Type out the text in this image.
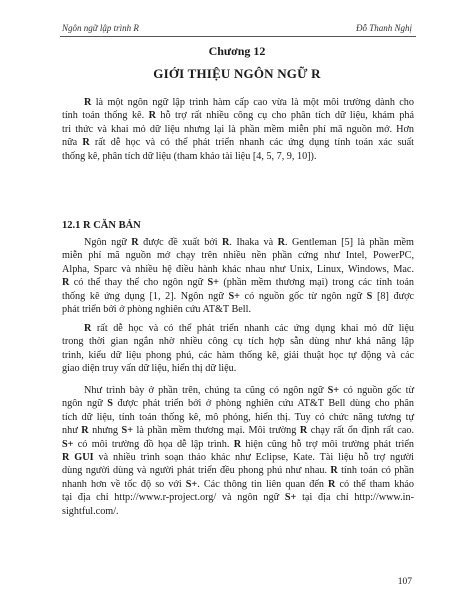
Ngôn ngữ lập trình R	Đỗ Thanh Nghị
Chương 12
GIỚI THIỆU NGÔN NGỮ R
R là một ngôn ngữ lập trình hàm cấp cao vừa là một môi trường dành cho
tính toán thống kê. R hỗ trợ rất nhiều công cụ cho phân tích dữ liệu, khám phá
tri thức và khai mỏ dữ liệu nhưng lại là phần mềm miễn phí mã nguồn mở. Hơn
nữa R rất dễ học và có thể phát triển nhanh các ứng dụng tính toán xác suất
thống kê, phân tích dữ liệu (tham khảo tài liệu [4, 5, 7, 9, 10]).
12.1 R CĂN BẢN
Ngôn ngữ R được đề xuất bởi R. Ihaka và R. Gentleman [5] là phần mềm
miễn phí mã nguồn mở chạy trên nhiều nền phần cứng như Intel, PowerPC,
Alpha, Sparc và nhiều hệ điều hành khác nhau như Unix, Linux, Windows, Mac.
R có thể thay thế cho ngôn ngữ S+ (phần mềm thương mại) trong các tính toán
thống kê ứng dụng [1, 2]. Ngôn ngữ S+ có nguồn gốc từ ngôn ngữ S [8] được
phát triển bởi ở phòng nghiên cứu AT&T Bell.
R rất dễ học và có thể phát triển nhanh các ứng dụng khai mỏ dữ liệu
trong thời gian ngắn nhờ nhiều công cụ tích hợp sẵn dùng như khả năng lập
trình, kiểu dữ liệu phong phú, các hàm thống kê, giải thuật học tự động và các
giao diện truy vấn dữ liệu, hiển thị dữ liệu.
Như trình bày ở phần trên, chúng ta cũng có ngôn ngữ S+ có nguồn gốc từ
ngôn ngữ S được phát triển bởi ở phòng nghiên cứu AT&T Bell dùng cho phân
tích dữ liệu, tính toán thống kê, mô phỏng, hiển thị. Tuy có chức năng tương tự
như R nhưng S+ là phần mềm thương mại. Môi trường R chạy rất ổn định rất cao.
S+ có môi trường đồ họa dễ lập trình. R hiện cũng hỗ trợ môi trường phát triển
R GUI và nhiều trình soạn thảo khác như Eclipse, Kate. Tài liệu hỗ trợ người
dùng người dùng và người phát triển đều phong phú như nhau. R tính toán có phần
nhanh hơn về tốc độ so với S+. Các thông tin liên quan đến R có thể tham khảo
tại địa chỉ http://www.r-project.org/ và ngôn ngữ S+ tại địa chỉ http://www.in-
sightful.com/.
107
